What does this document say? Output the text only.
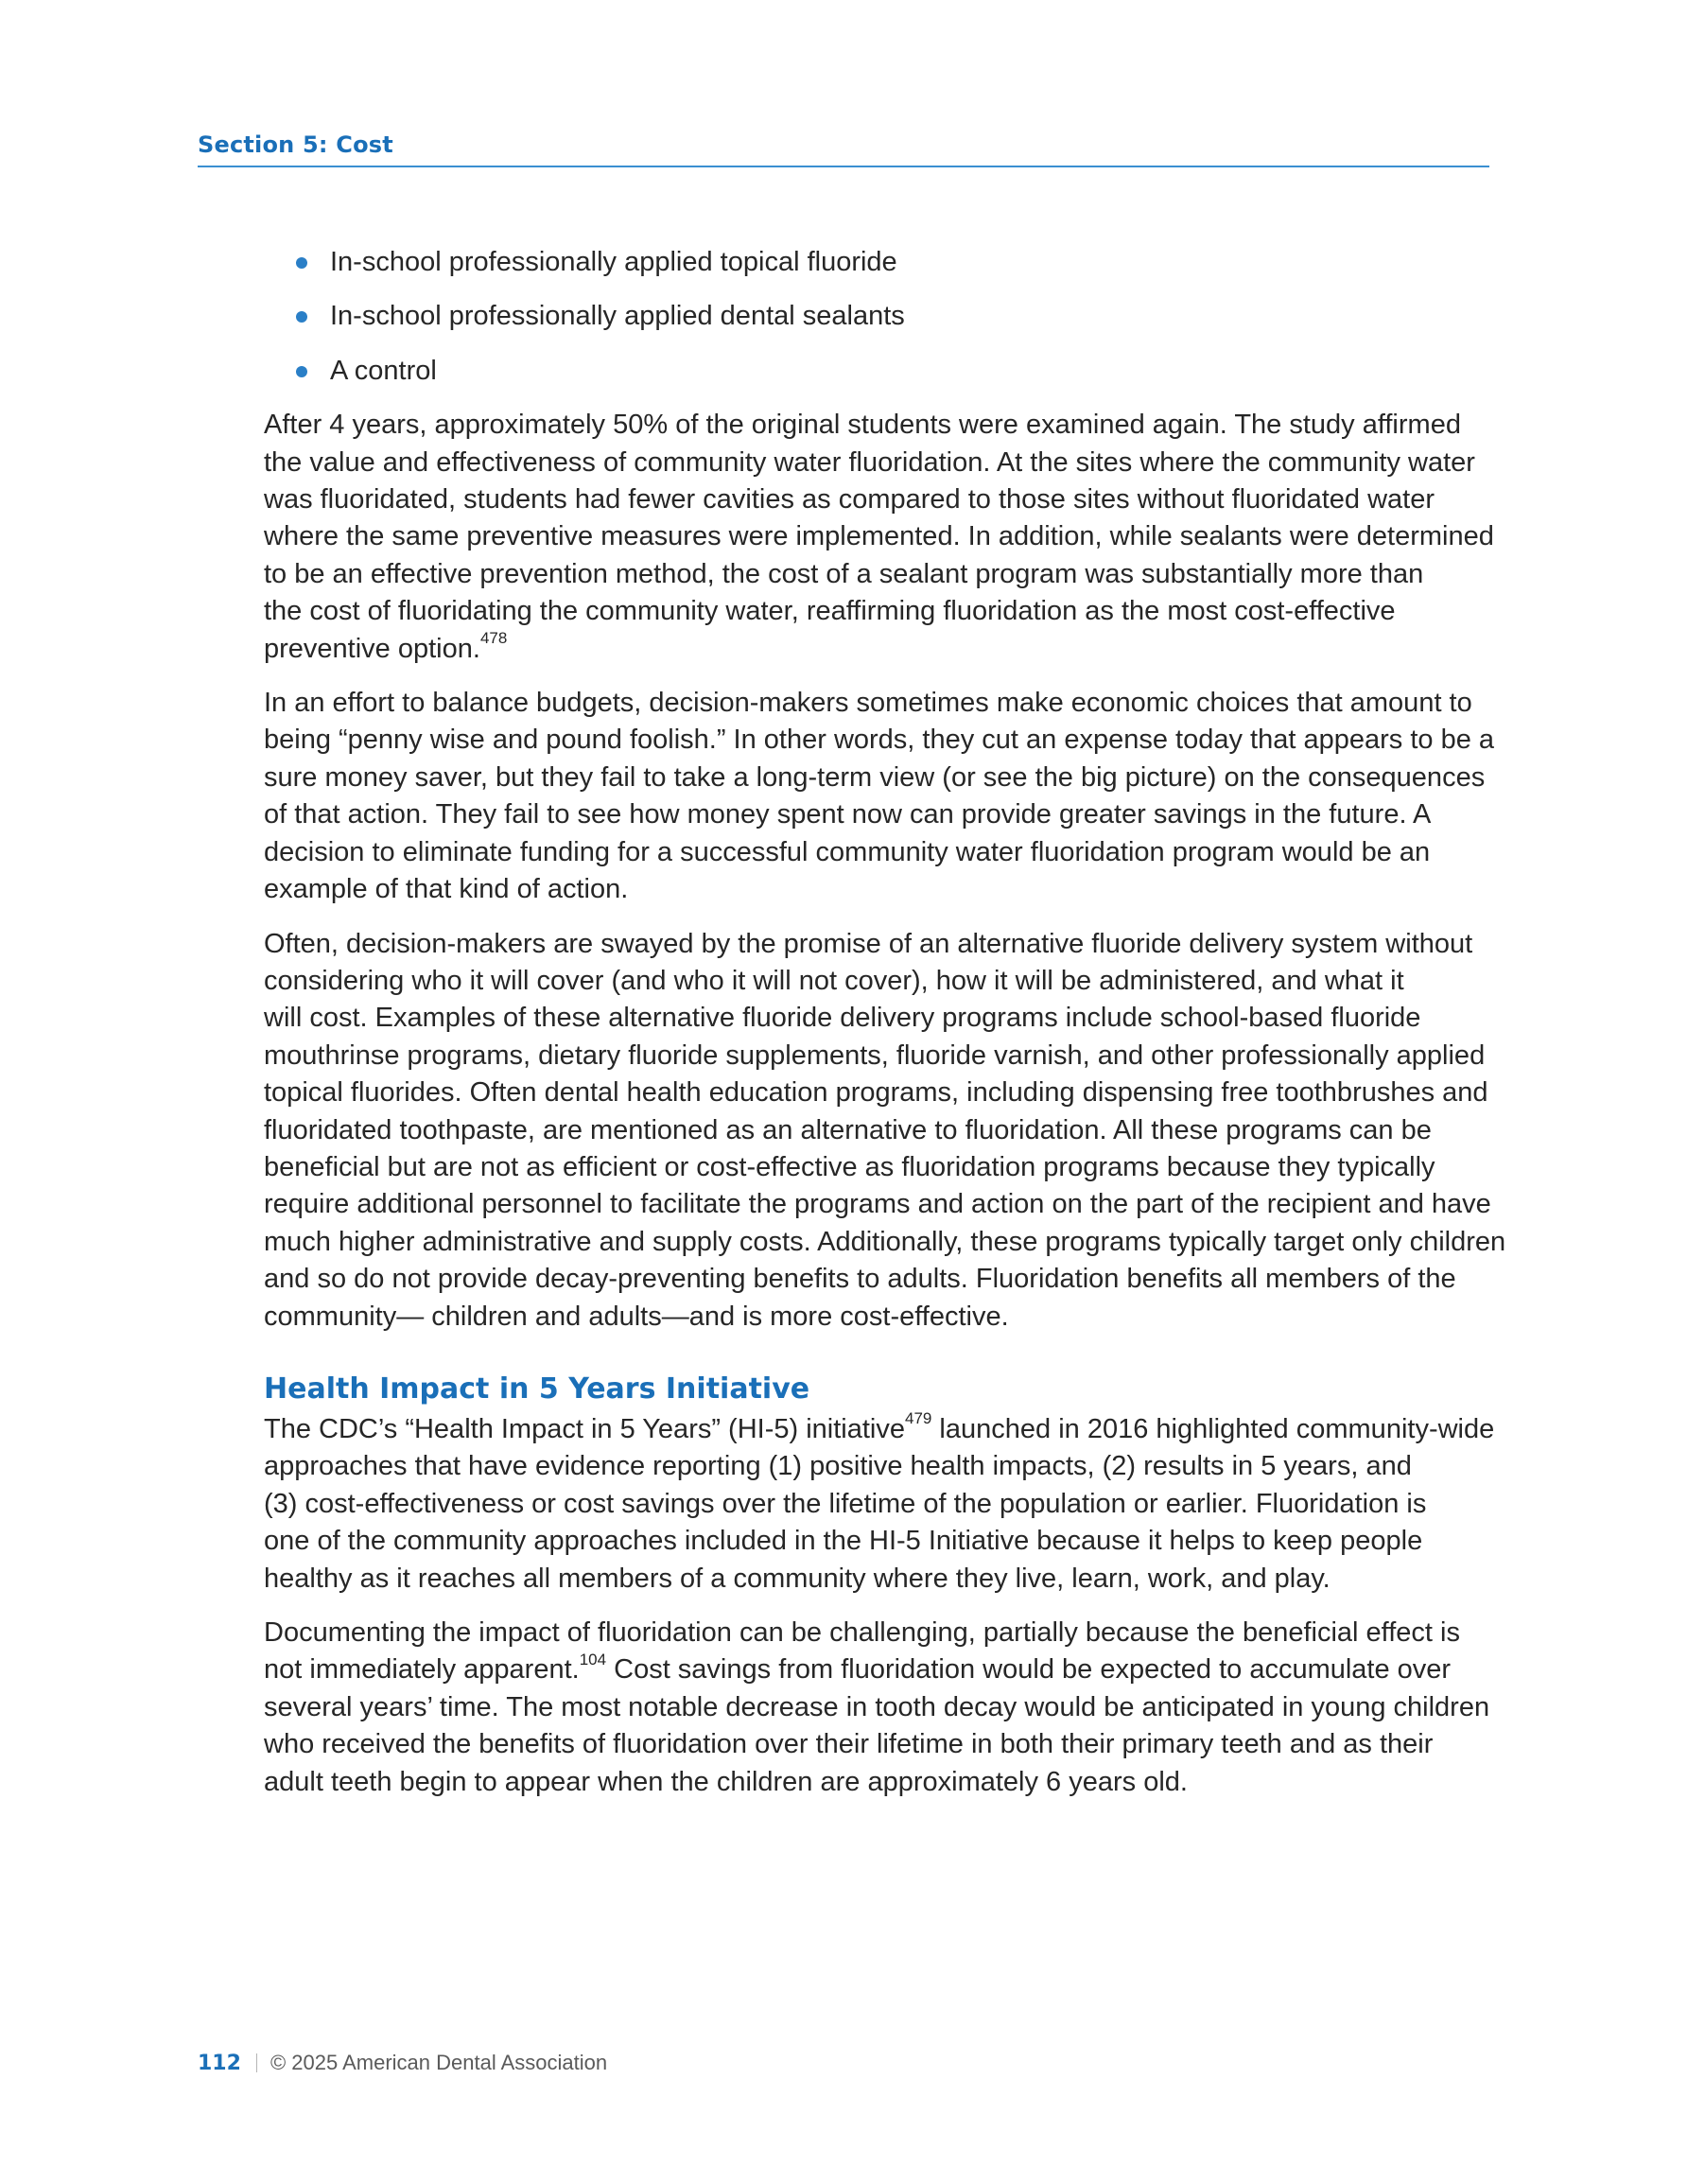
Section 5: Cost
In-school professionally applied topical fluoride
In-school professionally applied dental sealants
A control

After 4 years, approximately 50% of the original students were examined again. The study affirmed
the value and effectiveness of community water fluoridation. At the sites where the community water
was fluoridated, students had fewer cavities as compared to those sites without fluoridated water
where the same preventive measures were implemented. In addition, while sealants were determined
to be an effective prevention method, the cost of a sealant program was substantially more than
the cost of fluoridating the community water, reaffirming fluoridation as the most cost-effective
preventive option.$^{478}$

In an effort to balance budgets, decision-makers sometimes make economic choices that amount to
being “penny wise and pound foolish.” In other words, they cut an expense today that appears to be a
sure money saver, but they fail to take a long-term view (or see the big picture) on the consequences
of that action. They fail to see how money spent now can provide greater savings in the future. A
decision to eliminate funding for a successful community water fluoridation program would be an
example of that kind of action.

Often, decision-makers are swayed by the promise of an alternative fluoride delivery system without
considering who it will cover (and who it will not cover), how it will be administered, and what it
will cost. Examples of these alternative fluoride delivery programs include school-based fluoride
mouthrinse programs, dietary fluoride supplements, fluoride varnish, and other professionally applied
topical fluorides. Often dental health education programs, including dispensing free toothbrushes and
fluoridated toothpaste, are mentioned as an alternative to fluoridation. All these programs can be
beneficial but are not as efficient or cost-effective as fluoridation programs because they typically
require additional personnel to facilitate the programs and action on the part of the recipient and have
much higher administrative and supply costs. Additionally, these programs typically target only children
and so do not provide decay-preventing benefits to adults. Fluoridation benefits all members of the
community— children and adults—and is more cost-effective.

Health Impact in 5 Years Initiative

The CDC’s “Health Impact in 5 Years” (HI-5) initiative$^{479}$ launched in 2016 highlighted community-wide
approaches that have evidence reporting (1) positive health impacts, (2) results in 5 years, and
(3) cost-effectiveness or cost savings over the lifetime of the population or earlier. Fluoridation is
one of the community approaches included in the HI-5 Initiative because it helps to keep people
healthy as it reaches all members of a community where they live, learn, work, and play.

Documenting the impact of fluoridation can be challenging, partially because the beneficial effect is
not immediately apparent.$^{104}$ Cost savings from fluoridation would be expected to accumulate over
several years’ time. The most notable decrease in tooth decay would be anticipated in young children
who received the benefits of fluoridation over their lifetime in both their primary teeth and as their
adult teeth begin to appear when the children are approximately 6 years old.

112 © 2025 American Dental Association
